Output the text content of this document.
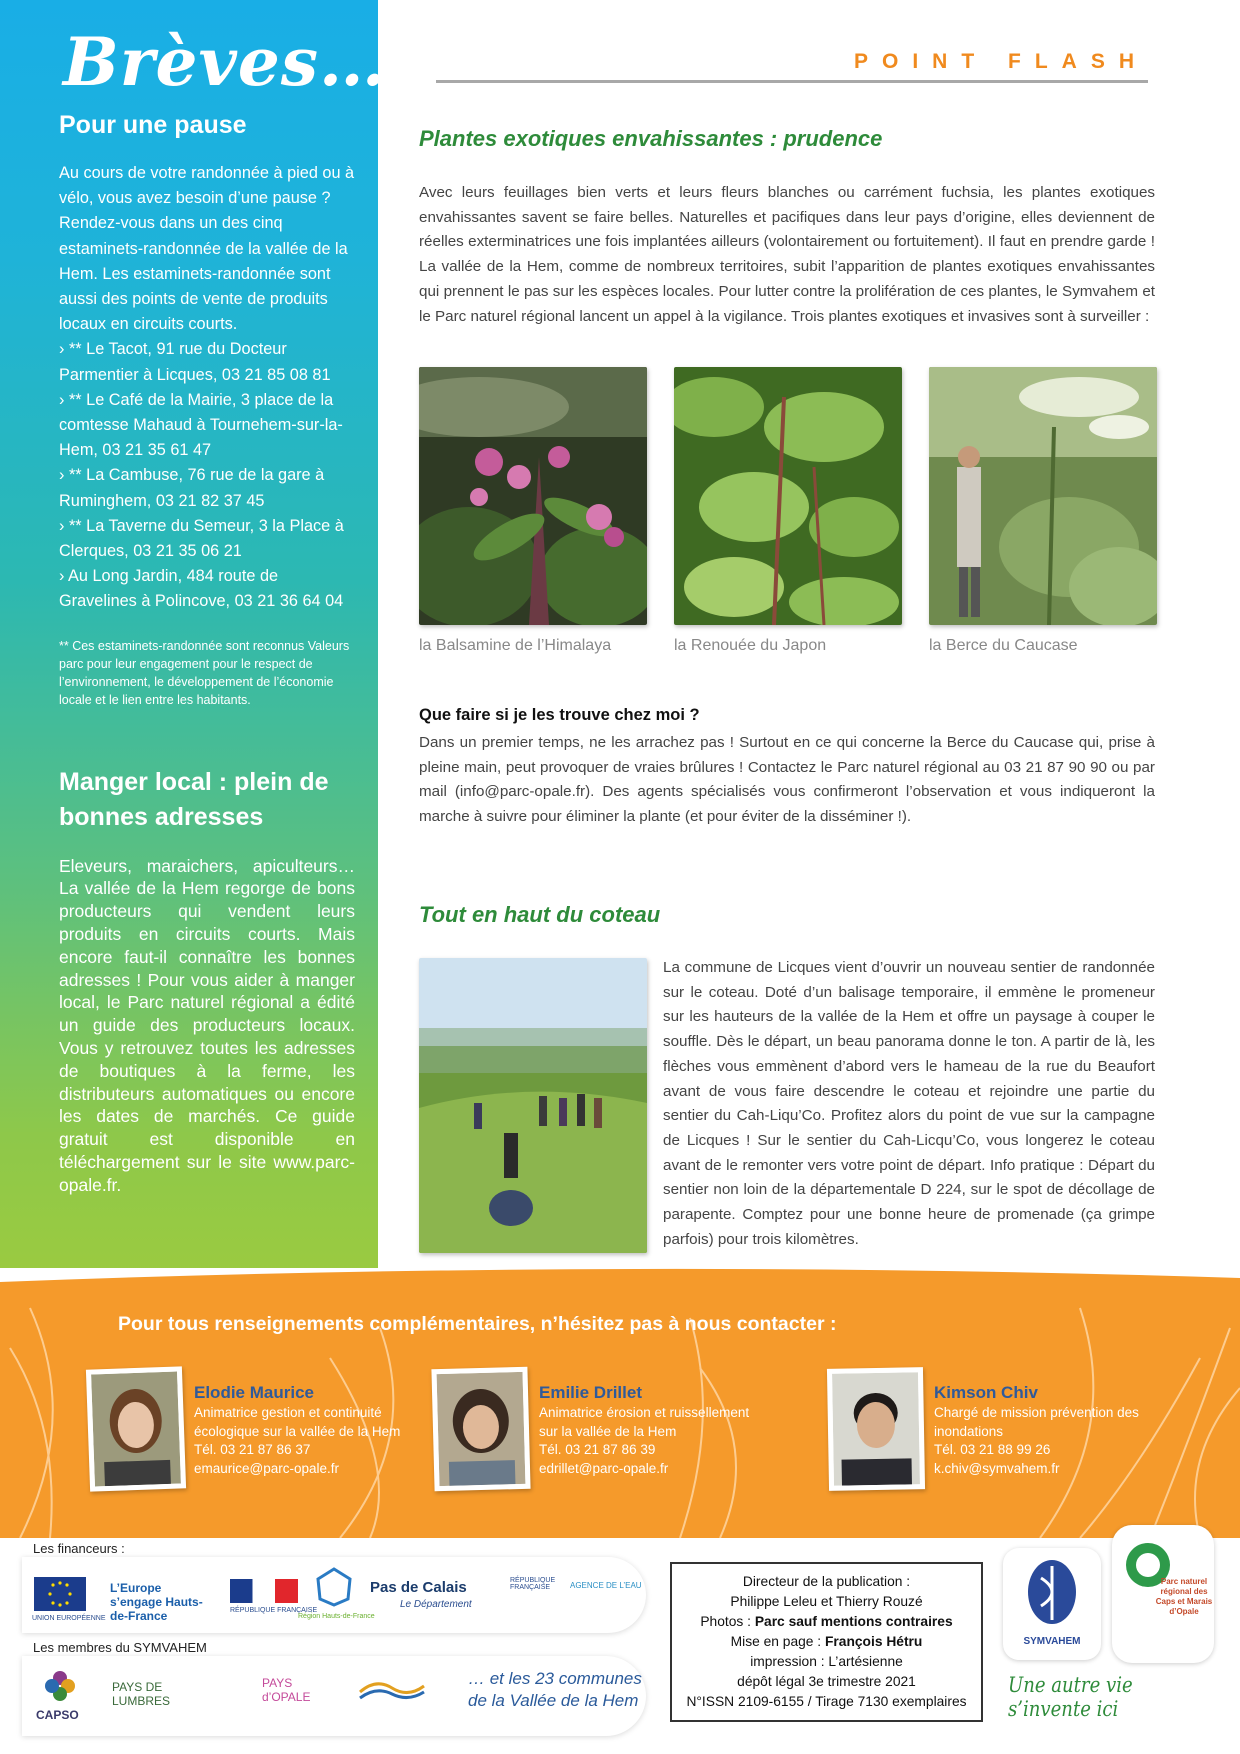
Brèves…
Pour une pause

Au cours de votre randonnée à pied ou à vélo, vous avez besoin d’une pause ? Rendez-vous dans un des cinq estaminets-randonnée de la vallée de la Hem. Les estaminets-randonnée sont aussi des points de vente de produits locaux en circuits courts.

› ** Le Tacot, 91 rue du Docteur Parmentier à Licques, 03 21 85 08 81

› ** Le Café de la Mairie, 3 place de la comtesse Mahaud à Tournehem-sur-la-Hem, 03 21 35 61 47

› ** La Cambuse, 76 rue de la gare à Ruminghem, 03 21 82 37 45

› ** La Taverne du Semeur, 3 la Place à Clerques, 03 21 35 06 21

› Au Long Jardin, 484 route de Gravelines à Polincove, 03 21 36 64 04

** Ces estaminets-randonnée sont reconnus Valeurs parc pour leur engagement pour le respect de l’environnement, le développement de l’économie locale et le lien entre les habitants.
Manger local : plein de bonnes adresses
Eleveurs, maraichers, apiculteurs… La vallée de la Hem regorge de bons producteurs qui vendent leurs produits en circuits courts. Mais encore faut-il connaître les bonnes adresses ! Pour vous aider à manger local, le Parc naturel régional a édité un guide des producteurs locaux. Vous y retrouvez toutes les adresses de boutiques à la ferme, les distributeurs automatiques ou encore les dates de marchés. Ce guide gratuit est disponible en téléchargement sur le site www.parc-opale.fr.
POINT FLASH
Plantes exotiques envahissantes : prudence
Avec leurs feuillages bien verts et leurs fleurs blanches ou carrément fuchsia, les plantes exotiques envahissantes savent se faire belles. Naturelles et pacifiques dans leur pays d’origine, elles deviennent de réelles exterminatrices une fois implantées ailleurs (volontairement ou fortuitement). Il faut en prendre garde ! La vallée de la Hem, comme de nombreux territoires, subit l’apparition de plantes exotiques envahissantes qui prennent le pas sur les espèces locales. Pour lutter contre la prolifération de ces plantes, le Symvahem et le Parc naturel régional lancent un appel à la vigilance. Trois plantes exotiques et invasives sont à surveiller :
la Balsamine de l’Himalaya	la Renouée du Japon	la Berce du Caucase
Que faire si je les trouve chez moi ?
Dans un premier temps, ne les arrachez pas ! Surtout en ce qui concerne la Berce du Caucase qui, prise à pleine main, peut provoquer de vraies brûlures ! Contactez le Parc naturel régional au 03 21 87 90 90 ou par mail (info@parc-opale.fr). Des agents spécialisés vous confirmeront l’observation et vous indiqueront la marche à suivre pour éliminer la plante (et pour éviter de la disséminer !).
Tout en haut du coteau
La commune de Licques vient d’ouvrir un nouveau sentier de randonnée sur le coteau. Doté d’un balisage temporaire, il emmène le promeneur sur les hauteurs de la vallée de la Hem et offre un paysage à couper le souffle. Dès le départ, un beau panorama donne le ton. A partir de là, les flèches vous emmènent d’abord vers le hameau de la rue du Beaufort avant de vous faire descendre le coteau et rejoindre une partie du sentier du Cah-Liqu’Co. Profitez alors du point de vue sur la campagne de Licques ! Sur le sentier du Cah-Licqu’Co, vous longerez le coteau avant de le remonter vers votre point de départ. Info pratique : Départ du sentier non loin de la départementale D 224, sur le spot de décollage de parapente. Comptez pour une bonne heure de promenade (ça grimpe parfois) pour trois kilomètres.
Pour tous renseignements complémentaires, n’hésitez pas à nous contacter :
Elodie Maurice
Animatrice gestion et continuité écologique sur la vallée de la Hem
Tél. 03 21 87 86 37
emaurice@parc-opale.fr
Emilie Drillet
Animatrice érosion et ruissellement sur la vallée de la Hem
Tél. 03 21 87 86 39
edrillet@parc-opale.fr
Kimson Chiv
Chargé de mission prévention des inondations
Tél. 03 21 88 99 26
k.chiv@symvahem.fr
Les financeurs :
UNION EUROPÉENNE
L’Europe s’engage Hauts-de-France	RÉPUBLIQUE FRANÇAISE
Région Hauts-de-France
Pas de Calais
Le Département
RÉPUBLIQUE FRANÇAISE AGENCE DE L’EAU
Les membres du SYMVAHEM
CAPSO
PAYS DE LUMBRES
PAYS d’OPALE
… et les 23 communes
de la Vallée de la Hem
Directeur de la publication :
Philippe Leleu et Thierry Rouzé
Photos : Parc sauf mentions contraires
Mise en page : François Hétru
impression : L’artésienne
dépôt légal 3e trimestre 2021
N°ISSN 2109-6155 / Tirage 7130 exemplaires
SYMVAHEM
Parc naturel régional des Caps et Marais d’Opale
Une autre vie s’invente ici
